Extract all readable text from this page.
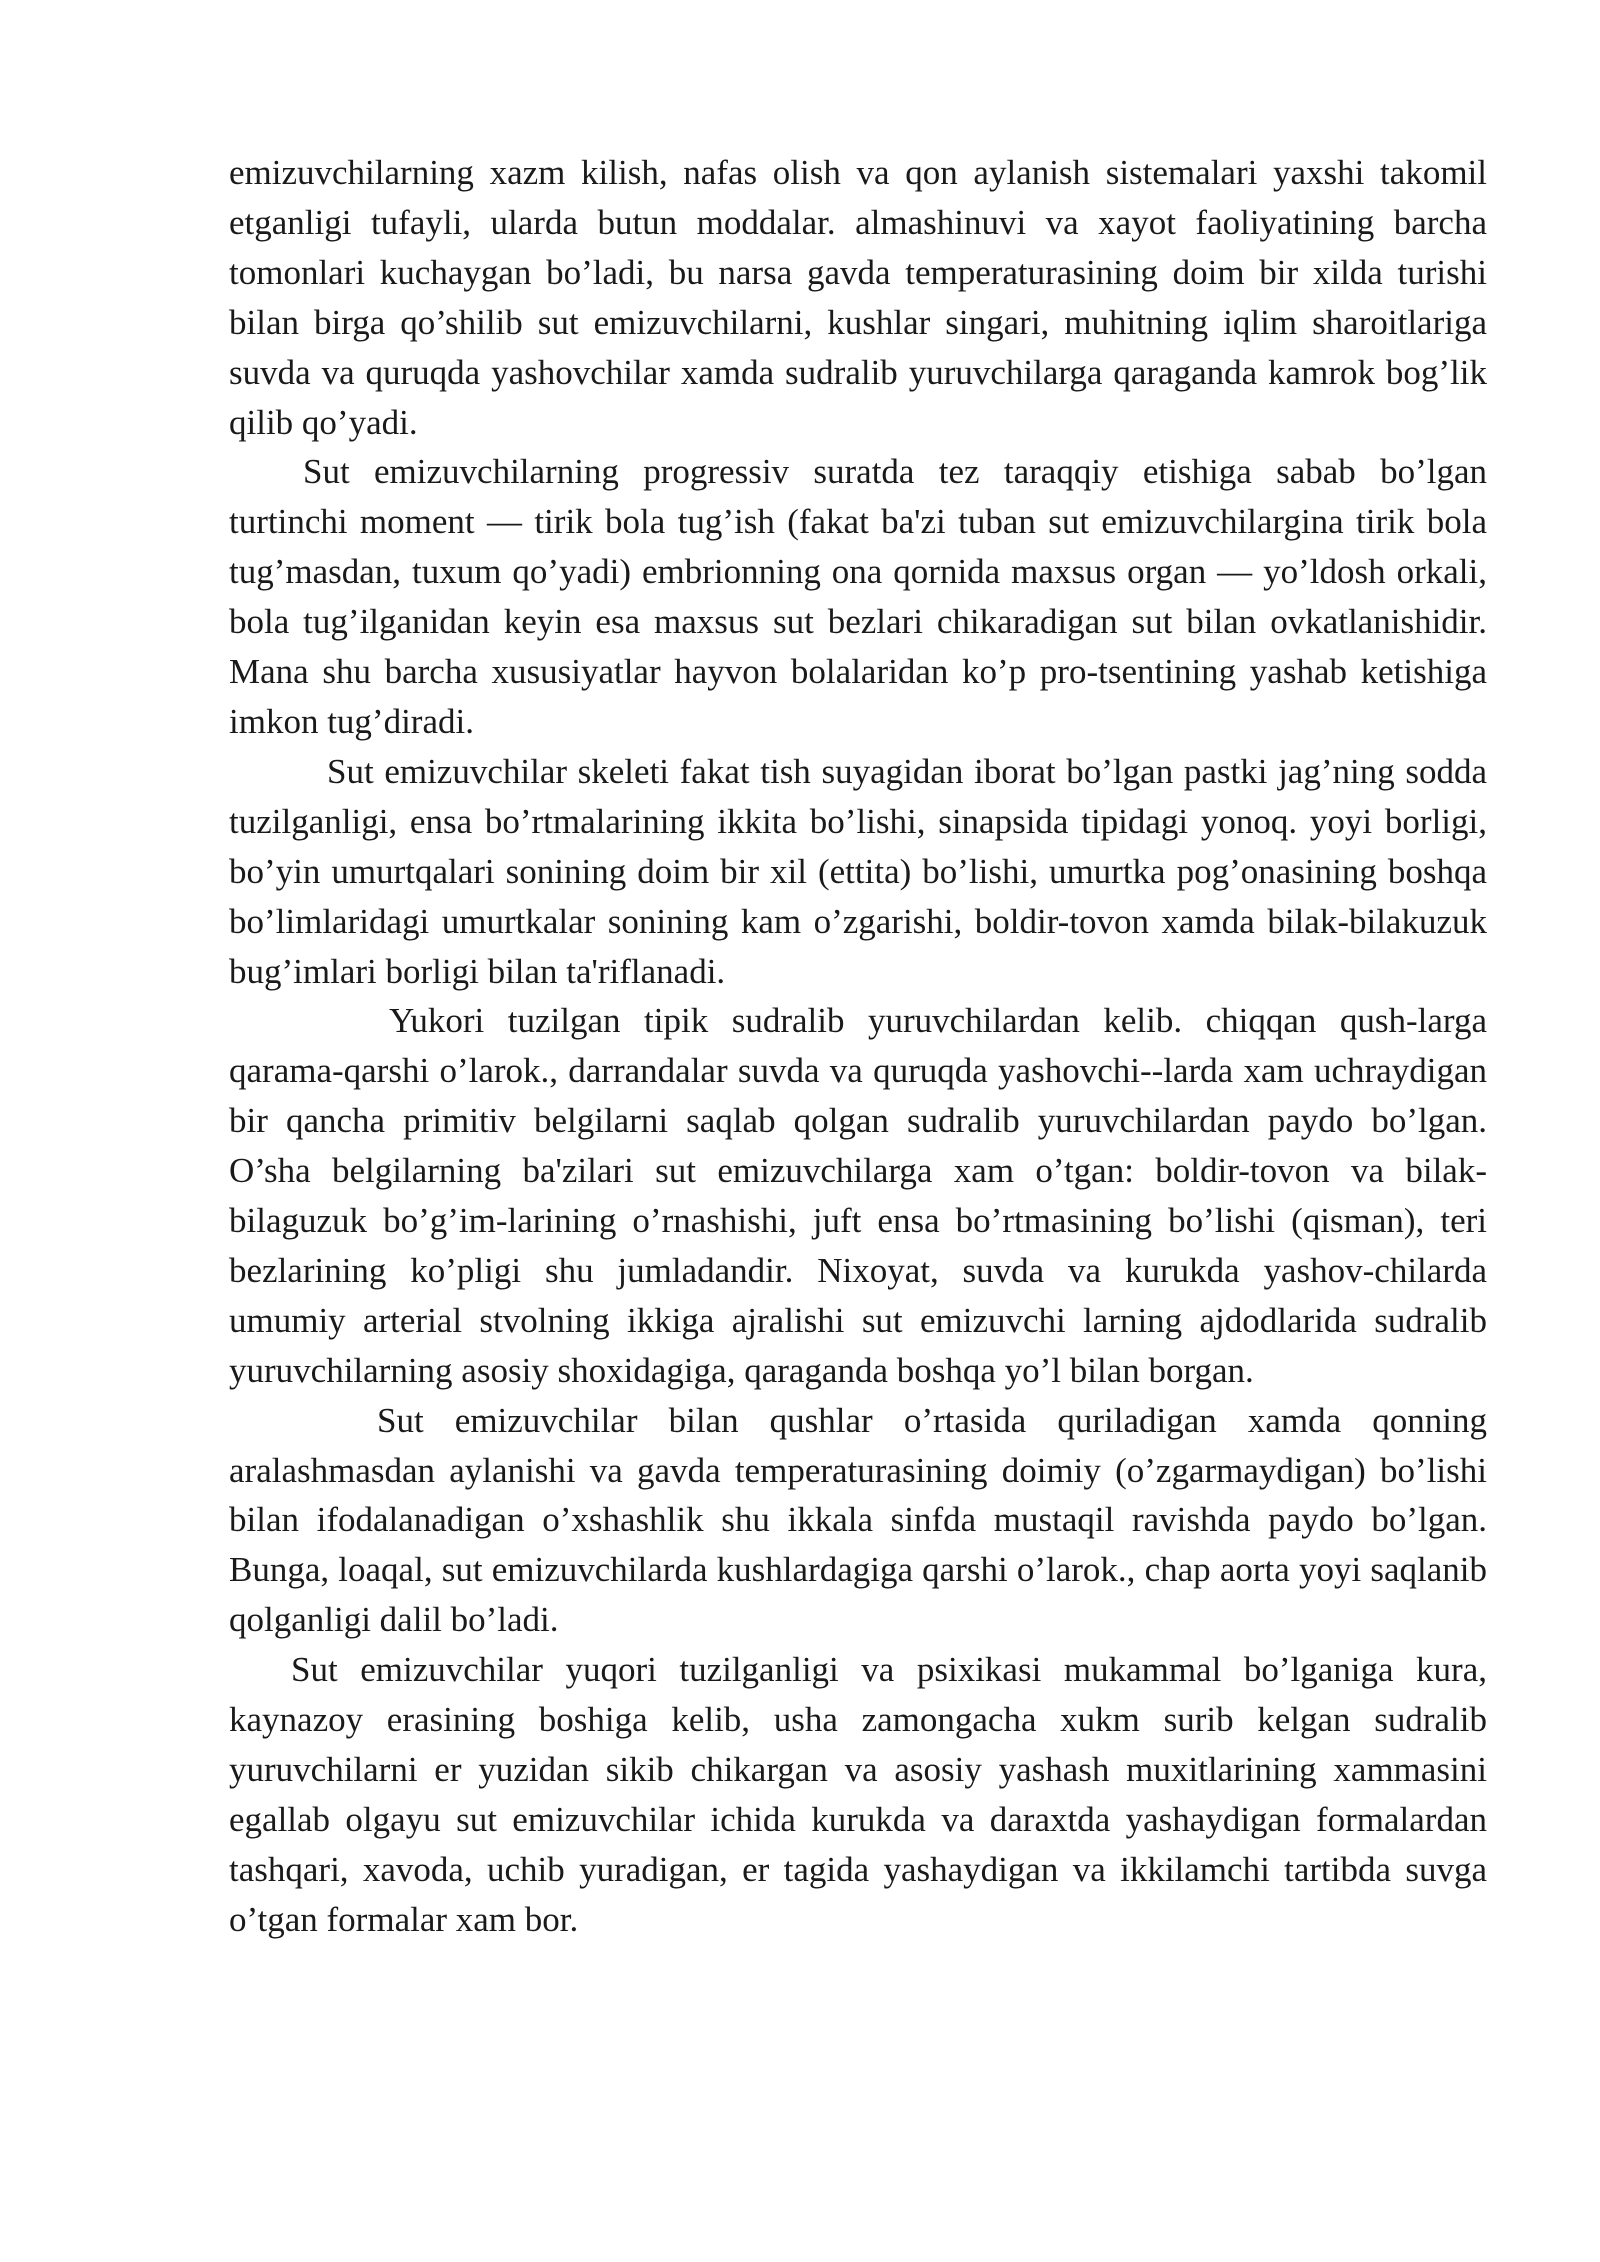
emizuvchilarning xazm kilish, nafas olish va qon aylanish sistemalari yaxshi takomil etganligi tufayli, ularda butun moddalar. almashinuvi va xayot faoliyatining barcha tomonlari kuchaygan bo’ladi, bu narsa gavda temperaturasining doim bir xilda turishi bilan birga qo’shilib sut emizuvchilarni, kushlar singari, muhitning iqlim sharoitlariga suvda va quruqda yashovchilar xamda sudralib yuruvchilarga qaraganda kamrok bog’lik qilib qo’yadi.

Sut emizuvchilarning progressiv suratda tez taraqqiy etishiga sabab bo’lgan turtinchi moment — tirik bola tug’ish (fakat ba'zi tuban sut emizuvchilargina tirik bola tug’masdan, tuxum qo’yadi) embrionning ona qornida maxsus organ — yo’ldosh orkali, bola tug’ilganidan keyin esa maxsus sut bezlari chikaradigan sut bilan ovkatlanishidir. Mana shu barcha xususiyatlar hayvon bolalaridan ko’p pro-tsentining yashab ketishiga imkon tug’diradi.

Sut emizuvchilar skeleti fakat tish suyagidan iborat bo’lgan pastki jag’ning sodda tuzilganligi, ensa bo’rtmalarining ikkita bo’lishi, sinapsida tipidagi yonoq. yoyi borligi, bo’yin umurtqalari sonining doim bir xil (ettita) bo’lishi, umurtka pog’onasining boshqa bo’limlaridagi umurtkalar sonining kam o’zgarishi, boldir-tovon xamda bilak-bilakuzuk bug’imlari borligi bilan ta'riflanadi.

Yukori tuzilgan tipik sudralib yuruvchilardan kelib. chiqqan qush-larga qarama-qarshi o’larok., darrandalar suvda va quruqda yashovchi--larda xam uchraydigan bir qancha primitiv belgilarni saqlab qolgan sudralib yuruvchilardan paydo bo’lgan. O’sha belgilarning ba'zilari sut emizuvchilarga xam o’tgan: boldir-tovon va bilak-bilaguzuk bo’g’im-larining o’rnashishi, juft ensa bo’rtmasining bo’lishi (qisman), teri bezlarining ko’pligi shu jumladandir. Nixoyat, suvda va kurukda yashov-chilarda umumiy arterial stvolning ikkiga ajralishi sut emizuvchi larning ajdodlarida sudralib yuruvchilarning asosiy shoxidagiga, qaraganda boshqa yo’l bilan borgan.

Sut emizuvchilar bilan qushlar o’rtasida quriladigan xamda qonning aralashmasdan aylanishi va gavda temperaturasining doimiy (o’zgarmaydigan) bo’lishi bilan ifodalanadigan o’xshashlik shu ikkala sinfda mustaqil ravishda paydo bo’lgan. Bunga, loaqal, sut emizuvchilarda kushlardagiga qarshi o’larok., chap aorta yoyi saqlanib qolganligi dalil bo’ladi.

Sut emizuvchilar yuqori tuzilganligi va psixikasi mukammal bo’lganiga kura, kaynazoy erasining boshiga kelib, usha zamongacha xukm surib kelgan sudralib yuruvchilarni er yuzidan sikib chikargan va asosiy yashash muxitlarining xammasini egallab olgayu sut emizuvchilar ichida kurukda va daraxtda yashaydigan formalardan tashqari, xavoda, uchib yuradigan, er tagida yashaydigan va ikkilamchi tartibda suvga o’tgan formalar xam bor.
